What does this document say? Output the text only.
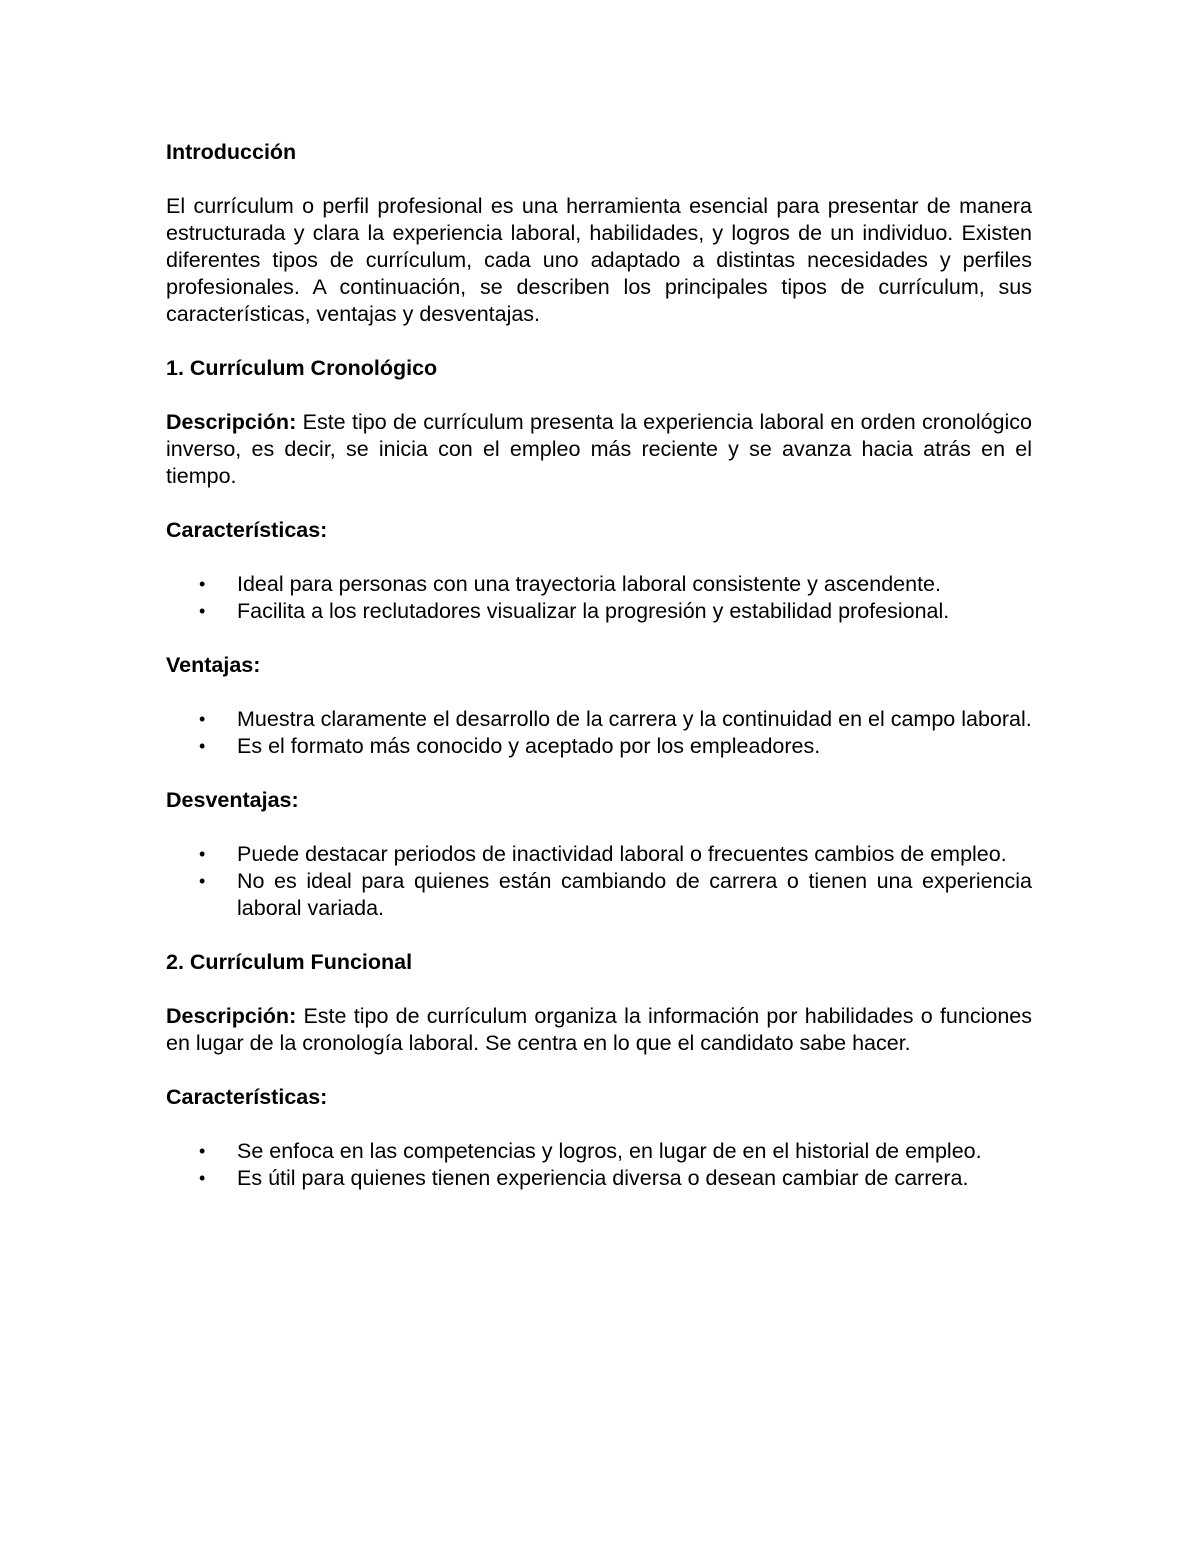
Introducción

El currículum o perfil profesional es una herramienta esencial para presentar de manera estructurada y clara la experiencia laboral, habilidades, y logros de un individuo. Existen diferentes tipos de currículum, cada uno adaptado a distintas necesidades y perfiles profesionales. A continuación, se describen los principales tipos de currículum, sus características, ventajas y desventajas.

1. Currículum Cronológico

Descripción: Este tipo de currículum presenta la experiencia laboral en orden cronológico inverso, es decir, se inicia con el empleo más reciente y se avanza hacia atrás en el tiempo.

Características:

• Ideal para personas con una trayectoria laboral consistente y ascendente.
• Facilita a los reclutadores visualizar la progresión y estabilidad profesional.

Ventajas:

• Muestra claramente el desarrollo de la carrera y la continuidad en el campo laboral.
• Es el formato más conocido y aceptado por los empleadores.

Desventajas:

• Puede destacar periodos de inactividad laboral o frecuentes cambios de empleo.
• No es ideal para quienes están cambiando de carrera o tienen una experiencia laboral variada.

2. Currículum Funcional

Descripción: Este tipo de currículum organiza la información por habilidades o funciones en lugar de la cronología laboral. Se centra en lo que el candidato sabe hacer.

Características:

• Se enfoca en las competencias y logros, en lugar de en el historial de empleo.
• Es útil para quienes tienen experiencia diversa o desean cambiar de carrera.
